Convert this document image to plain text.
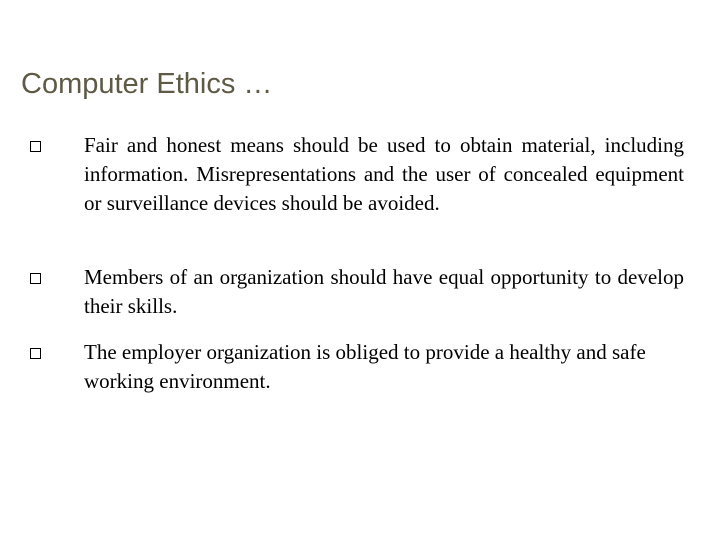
Computer Ethics …

Fair and honest means should be used to obtain material, including information. Misrepresentations and the user of concealed equipment or surveillance devices should be avoided.

Members of an organization should have equal opportunity to develop their skills.

The employer organization is obliged to provide a healthy and safe working environment.
